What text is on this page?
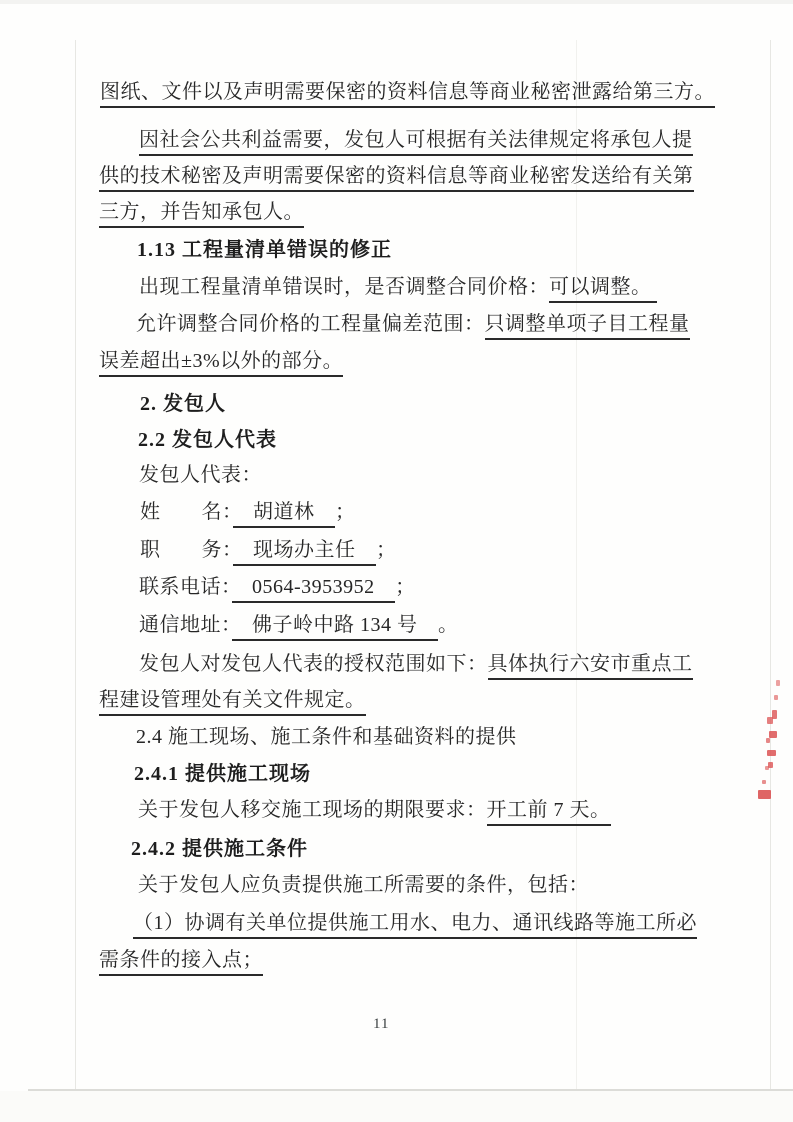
图纸、文件以及声明需要保密的资料信息等商业秘密泄露给第三方。
因社会公共利益需要，发包人可根据有关法律规定将承包人提
供的技术秘密及声明需要保密的资料信息等商业秘密发送给有关第
三方，并告知承包人。
1.13 工程量清单错误的修正
出现工程量清单错误时，是否调整合同价格：可以调整。
允许调整合同价格的工程量偏差范围：只调整单项子目工程量
误差超出±3%以外的部分。
2. 发包人
2.2 发包人代表
发包人代表：
姓　　名：　胡道林　；
职　　务：　现场办主任　；
联系电话：　0564-3953952　；
通信地址：　佛子岭中路 134 号　。
发包人对发包人代表的授权范围如下：具体执行六安市重点工
程建设管理处有关文件规定。
2.4 施工现场、施工条件和基础资料的提供
2.4.1 提供施工现场
关于发包人移交施工现场的期限要求：开工前 7 天。
2.4.2 提供施工条件
关于发包人应负责提供施工所需要的条件，包括：
（1）协调有关单位提供施工用水、电力、通讯线路等施工所必
需条件的接入点；
11
